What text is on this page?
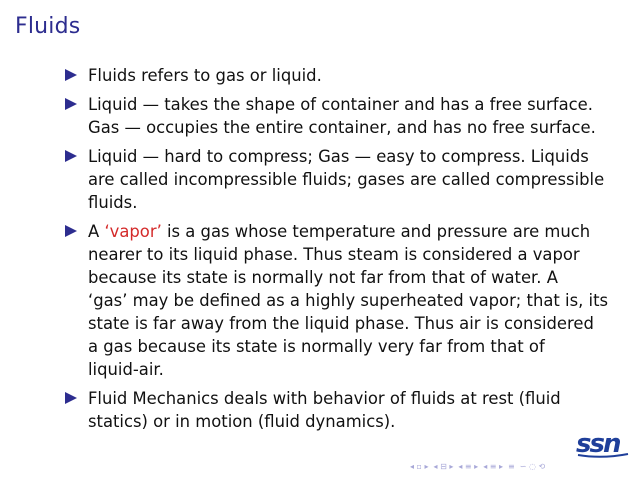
Fluids
Fluids refers to gas or liquid.
Liquid — takes the shape of container and has a free surface.
Gas — occupies the entire container, and has no free surface.
Liquid — hard to compress; Gas — easy to compress. Liquids
are called incompressible fluids; gases are called compressible
fluids.
A ‘vapor’ is a gas whose temperature and pressure are much
nearer to its liquid phase. Thus steam is considered a vapor
because its state is normally not far from that of water. A
‘gas’ may be defined as a highly superheated vapor; that is, its
state is far away from the liquid phase. Thus air is considered
a gas because its state is normally very far from that of
liquid-air.
Fluid Mechanics deals with behavior of fluids at rest (fluid
statics) or in motion (fluid dynamics).
ssn
◂ ▫ ▸ ◂ ⊟ ▸ ◂ ≡ ▸ ◂ ≡ ▸ ≡ ∽ ◌ ⟲
